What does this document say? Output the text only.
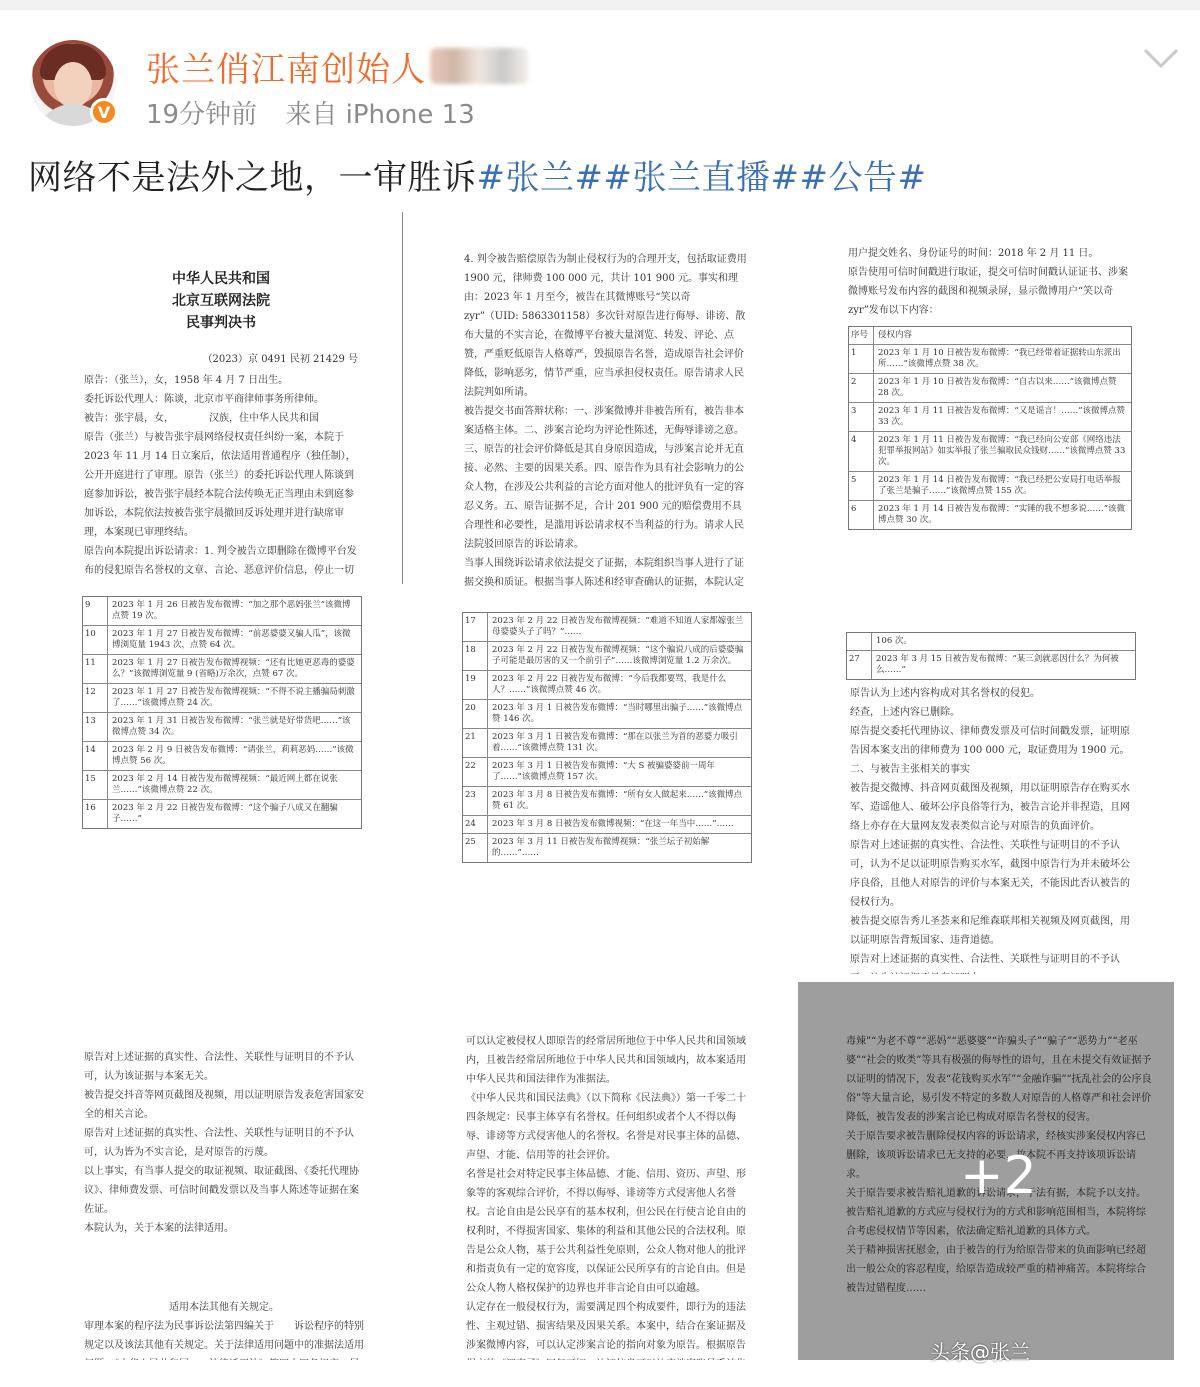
V
张兰俏江南创始人
19分钟前 来自 iPhone 13
网络不是法外之地，一审胜诉#张兰##张兰直播##公告#
中华人民共和国
北京互联网法院
民事判决书
（2023）京 0491 民初 21429 号
原告：（张兰），女，1958 年 4 月 7 日出生。
委托诉讼代理人：陈谈，北京市平商律师事务所律师。
被告：张宇晨，女，　　　　汉族，住中华人民共和国
原告（张兰）与被告张宇晨网络侵权责任纠纷一案，本院于 2023 年 11 月 14 日立案后，依法适用普通程序（独任制），公开开庭进行了审理。原告（张兰）的委托诉讼代理人陈谈到庭参加诉讼，被告张宇晨经本院合法传唤无正当理由未到庭参加诉讼，本院依法按被告张宇晨撤回反诉处理并进行缺席审理，本案现已审理终结。
原告向本院提出诉讼请求：1. 判令被告立即删除在微博平台发布的侵犯原告名誉权的文章、言论、恶意评价信息，停止一切
4. 判令被告赔偿原告为制止侵权行为的合理开支，包括取证费用 1900 元，律师费 100 000 元，共计 101 900 元。事实和理由：2023 年 1 月至今，被告在其微博账号“笑以奇 zyr”（UID: 5863301158）多次针对原告进行侮辱、诽谤、散布大量的不实言论，在微博平台被大量浏览、转发、评论、点赞，严重贬低原告人格尊严，毁损原告名誉，造成原告社会评价降低，影响恶劣，情节严重，应当承担侵权责任。原告请求人民法院判如所请。
被告提交书面答辩状称：一、涉案微博并非被告所有，被告非本案适格主体。二、涉案言论均为评论性陈述，无侮辱诽谤之意。三、原告的社会评价降低是其自身原因造成，与涉案言论并无直接、必然、主要的因果关系。四、原告作为具有社会影响力的公众人物，在涉及公共利益的言论方面对他人的批评负有一定的容忍义务。五、原告证据不足，合计 201 900 元的赔偿费用不具合理性和必要性，是滥用诉讼请求权不当利益的行为。请求人民法院驳回原告的诉讼请求。
当事人围绕诉讼请求依法提交了证据，本院组织当事人进行了证据交换和质证。根据当事人陈述和经审查确认的证据，本院认定
用户提交姓名、身份证号的时间：2018 年 2 月 11 日。
原告使用可信时间戳进行取证，提交可信时间戳认证证书、涉案微博账号发布内容的截图和视频录屏，显示微博用户“笑以奇 zyr”发布以下内容：
序号	侵权内容
1	2023 年 1 月 10 日被告发布微博：“我已经带着证据转山东派出所……”该微博点赞 38 次。
2	2023 年 1 月 10 日被告发布微博：“自古以来……”该微博点赞 28 次。
3	2023 年 1 月 11 日被告发布微博：“又是谣言！……”该微博点赞 33 次。
4	2023 年 1 月 11 日被告发布微博：“我已经向公安部《网络违法犯罪举报网站》如实举报了张兰骗取民众钱财……”该微博点赞 33 次。
5	2023 年 1 月 14 日被告发布微博：“我已经把公安局打电话举报了张兰是骗子……”该微博点赞 155 次。
6	2023 年 1 月 14 日被告发布微博：“实锤的我不想多说……”该微博点赞 30 次。
9	2023 年 1 月 26 日被告发布微博：“加之那个恶妈张兰”该微博点赞 19 次。
10	2023 年 1 月 27 日被告发布微博：“前恶婆婆又骗人瓜”，该微博浏览量 1943 次，点赞 64 次。
11	2023 年 1 月 27 日被告发布微博视频：“还有比她更恶毒的婆婆么？”该微博浏览量 9 (省略)万余次，点赞 67 次。
12	2023 年 1 月 27 日被告发布微博视频：“不得不说主播骗局刺激了……”该微博点赞 24 次。
13	2023 年 1 月 31 日被告发布微博：“张兰就是好带货吧……”该微博点赞 34 次。
14	2023 年 2 月 9 日被告发布微博：“请张兰，莉莉恶妈……”该微博点赞 56 次。
15	2023 年 2 月 14 日被告发布微博视频：“最近网上都在说张兰……”该微博点赞 22 次。
16	2023 年 2 月 22 日被告发布微博：“这个骗子八成又在翻骗子……”
17	2023 年 2 月 22 日被告发布微博视频：“难道不知道人家都嫁张兰母婆婆头子了吗？”……
18	2023 年 2 月 22 日被告发布微博视频：“这个骗说八成的后婆婆骗子可能是最厉害的又一个前引子”……该微博浏览量 1.2 万余次。
19	2023 年 2 月 22 日被告发布微博：“今后我都要骂，我是什么人？……”该微博点赞 46 次。
20	2023 年 3 月 1 日被告发布微博：“当时哪里出骗子……”该微博点赞 146 次。
21	2023 年 3 月 1 日被告发布微博：“那在以张兰为首的恶婆力吸引着……”该微博点赞 131 次。
22	2023 年 3 月 1 日被告发布微博：“大 S 被骗婆婆前一周年了……”该微博点赞 157 次。
23	2023 年 3 月 8 日被告发布微博：“所有女人做起来……”该微博点赞 61 次。
24	2023 年 3 月 8 日被告发布微博视频：“在这一年当中……”……
25	2023 年 3 月 11 日被告发布微博视频：“张兰坛子初始解的……”……
106 次。
27	2023 年 3 月 15 日被告发布微博：“某三剑就恶因什么？为何被么……”
原告认为上述内容构成对其名誉权的侵犯。
经查，上述内容已删除。
原告提交委托代理协议、律师费发票及可信时间戳发票，证明原告因本案支出的律师费为 100 000 元，取证费用为 1900 元。
二、与被告主张相关的事实
被告提交微博、抖音网页截图及视频，用以证明原告存在购买水军、造谣他人、破坏公序良俗等行为，被告言论并非捏造，且网络上亦存在大量网友发表类似言论与对原告的负面评价。
原告对上述证据的真实性、合法性、关联性与证明目的不予认可，认为不足以证明原告购买水军，截图中原告行为并未破坏公序良俗，且他人对原告的评价与本案无关，不能因此否认被告的侵权行为。
被告提交原告秀儿圣荟来和尼维森联邦相关视频及网页截图，用以证明原告背叛国家、违背道德。
原告对上述证据的真实性、合法性、关联性与证明目的不予认
原告对上述证据的真实性、合法性、关联性与证明目的不予认可，认为该证据与本案无关。
被告提交抖音等网页截图及视频，用以证明原告发表危害国家安全的相关言论。
原告对上述证据的真实性、合法性、关联性与证明目的不予认可，认为皆为不实言论，是对原告的污蔑。
以上事实，有当事人提交的取证视频、取证截图、《委托代理协议》、律师费发票、可信时间戳发票以及当事人陈述等证据在案佐证。
本院认为，关于本案的法律适用。
适用本法其他有关规定。
审理本案的程序法为民事诉讼法第四编关于　　诉讼程序的特别规定以及该法其他有关规定。关于法律适用问题中的准据法适用　　
可以认定被侵权人即原告的经常居所地位于中华人民共和国领域内，且被告经常居所地位于中华人民共和国领域内，故本案适用中华人民共和国法律作为准据法。
《中华人民共和国民法典》（以下简称《民法典》）第一千零二十四条规定：民事主体享有名誉权。任何组织或者个人不得以侮辱、诽谤等方式侵害他人的名誉权。名誉是对民事主体的品德、声望、才能、信用等的社会评价。
名誉是社会对特定民事主体品德、才能、信用、资历、声望、形象等的客观综合评价，不得以侮辱、诽谤等方式侵害他人名誉权。言论自由是公民享有的基本权利，但公民在行使言论自由的权利时，不得损害国家、集体的利益和其他公民的合法权利。原告是公众人物，基于公共利益性免原则，公众人物对他人的批评和指责负有一定的宽容度，以保证公民所享有的言论自由。但是公众人物人格权保护的边界也并非言论自由可以逾越。
认定存在一般侵权行为，需要满足四个构成要件，即行为的违法性、主观过错、损害结果及因果关系。本案中，结合在案证据及涉案微博内容，可以认定涉案言论的指向对象为原告。根据原告
毒辣”“为老不尊”“恶妈”“恶婆婆”“诈骗头子”“骗子”“恶势力”“老巫婆”“社会的败类”等具有极强的侮辱性的语句，且在未提交有效证据予以证明的情况下，发表“花钱购买水军”“金融诈骗”“抚乱社会的公序良俗”等大量言论，易引发不特定的多数人对原告的人格尊严和社会评价降低，被告发表的涉案言论已构成对原告名誉权的侵害。
关于原告要求被告删除侵权内容的诉讼请求，经核实涉案侵权内容已删除，该项诉讼请求已无支持的必要，故本院不再支持该项诉讼请求。
关于原告要求被告赔礼道歉的诉讼请求，于法有据，本院予以支持。被告赔礼道歉的方式应与侵权行为的方式和影响范围相当，本院将综合考虑侵权情节等因素，依法确定赔礼道歉的具体方式。
关于精神损害抚慰金，由于被告的行为给原告带来的负面影响已经超出一般公众的容忍程度，给原告造成较严重的精神痛苦。本院将综合被告过错程度……
+2
头条@张兰
